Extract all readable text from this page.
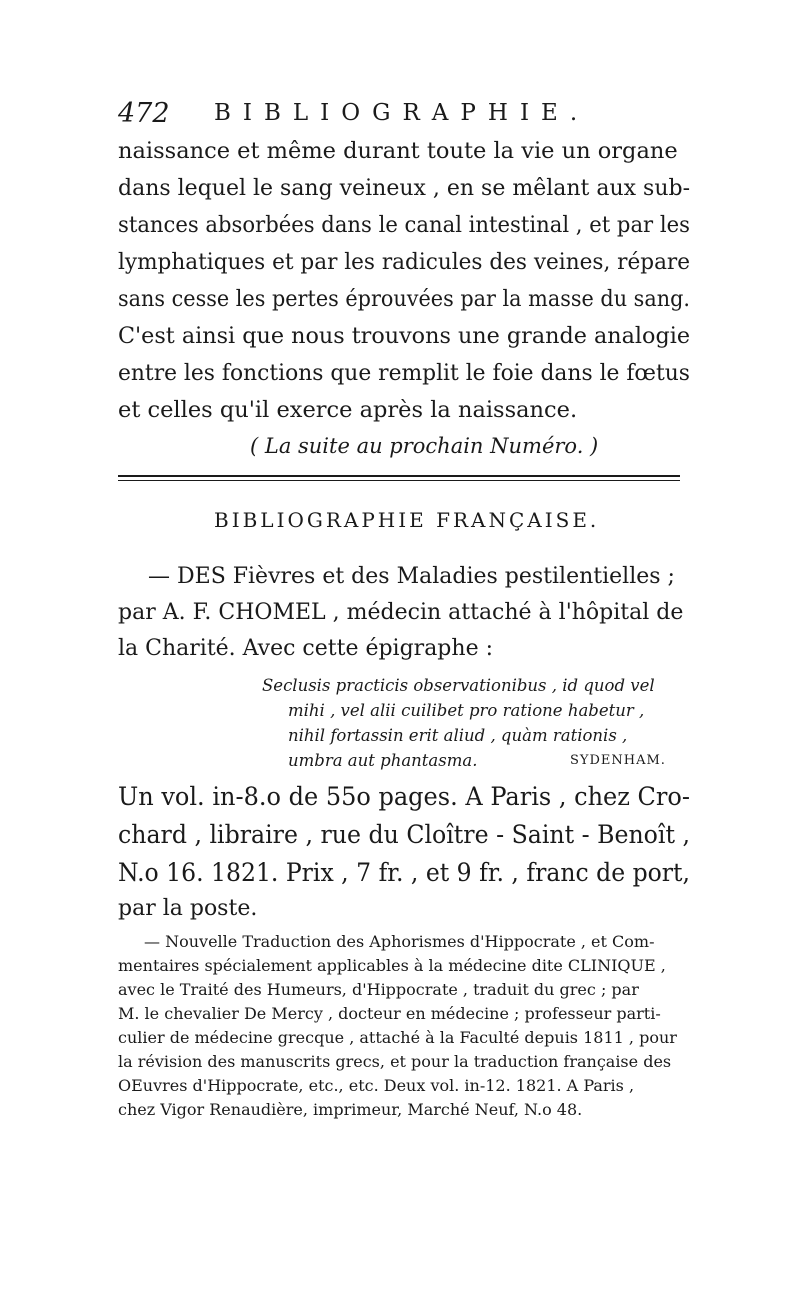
472 BIBLIOGRAPHIE.
naissance et même durant toute la vie un organe
dans lequel le sang veineux , en se mêlant aux sub-
stances absorbées dans le canal intestinal , et par les
lymphatiques et par les radicules des veines, répare
sans cesse les pertes éprouvées par la masse du sang.
C'est ainsi que nous trouvons une grande analogie
entre les fonctions que remplit le foie dans le fœtus
et celles qu'il exerce après la naissance.
( La suite au prochain Numéro. )
BIBLIOGRAPHIE FRANÇAISE.
— DES Fièvres et des Maladies pestilentielles ;
par A. F. CHOMEL , médecin attaché à l'hôpital de
la Charité. Avec cette épigraphe :
Seclusis practicis observationibus , id quod vel
mihi , vel alii cuilibet pro ratione habetur ,
nihil fortassin erit aliud , quàm rationis ,
umbra aut phantasma.	SYDENHAM.
Un vol. in-8.o de 55o pages. A Paris , chez Cro-
chard , libraire , rue du Cloître - Saint - Benoît ,
N.o 16. 1821. Prix , 7 fr. , et 9 fr. , franc de port,
par la poste.
— Nouvelle Traduction des Aphorismes d'Hippocrate , et Com-
mentaires spécialement applicables à la médecine dite CLINIQUE ,
avec le Traité des Humeurs, d'Hippocrate , traduit du grec ; par
M. le chevalier De Mercy , docteur en médecine ; professeur parti-
culier de médecine grecque , attaché à la Faculté depuis 1811 , pour
la révision des manuscrits grecs, et pour la traduction française des
OEuvres d'Hippocrate, etc., etc. Deux vol. in-12. 1821. A Paris ,
chez Vigor Renaudière, imprimeur, Marché Neuf, N.o 48.
